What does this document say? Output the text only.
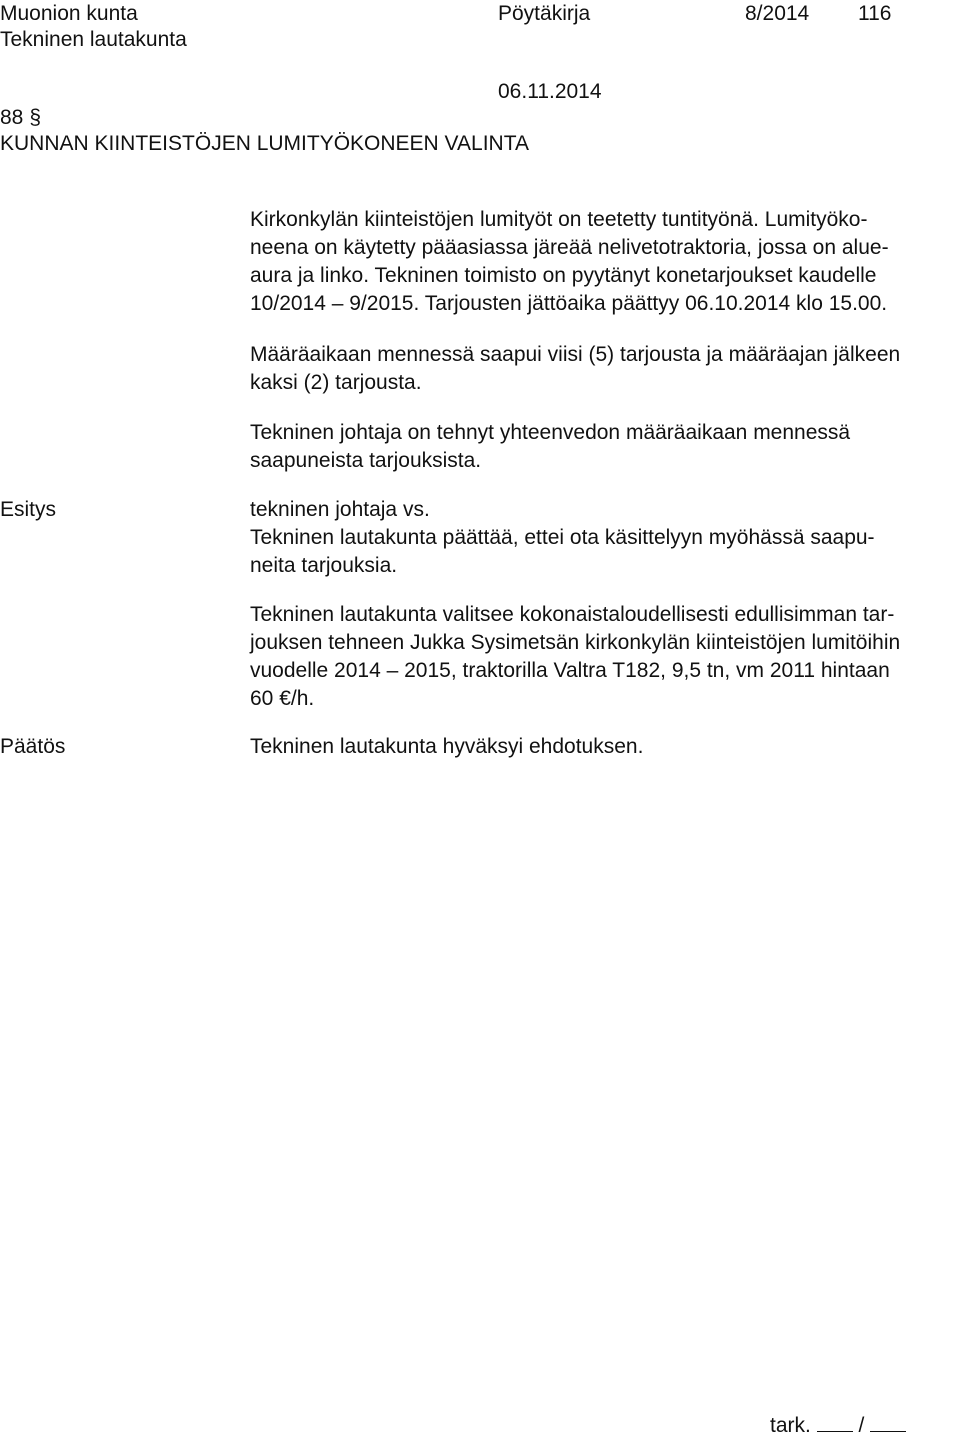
Muonion kunta
Tekninen lautakunta
Pöytäkirja	8/2014 116
06.11.2014
88 §
KUNNAN KIINTEISTÖJEN LUMITYÖKONEEN VALINTA
Kirkonkylän kiinteistöjen lumityöt on teetetty tuntityönä. Lumityöko-
neena on käytetty pääasiassa järeää nelivetotraktoria, jossa on alue-
aura ja linko. Tekninen toimisto on pyytänyt konetarjoukset kaudelle
10/2014 – 9/2015. Tarjousten jättöaika päättyy 06.10.2014 klo 15.00.
Määräaikaan mennessä saapui viisi (5) tarjousta ja määräajan jälkeen
kaksi (2) tarjousta.
Tekninen johtaja on tehnyt yhteenvedon määräaikaan mennessä
saapuneista tarjouksista.
Esitys	tekninen johtaja vs.
Tekninen lautakunta päättää, ettei ota käsittelyyn myöhässä saapu-
neita tarjouksia.
Tekninen lautakunta valitsee kokonaistaloudellisesti edullisimman tar-
jouksen tehneen Jukka Sysimetsän kirkonkylän kiinteistöjen lumitöihin
vuodelle 2014 – 2015, traktorilla Valtra T182, 9,5 tn, vm 2011 hintaan
60 €/h.
Päätös	Tekninen lautakunta hyväksyi ehdotuksen.
tark. /
